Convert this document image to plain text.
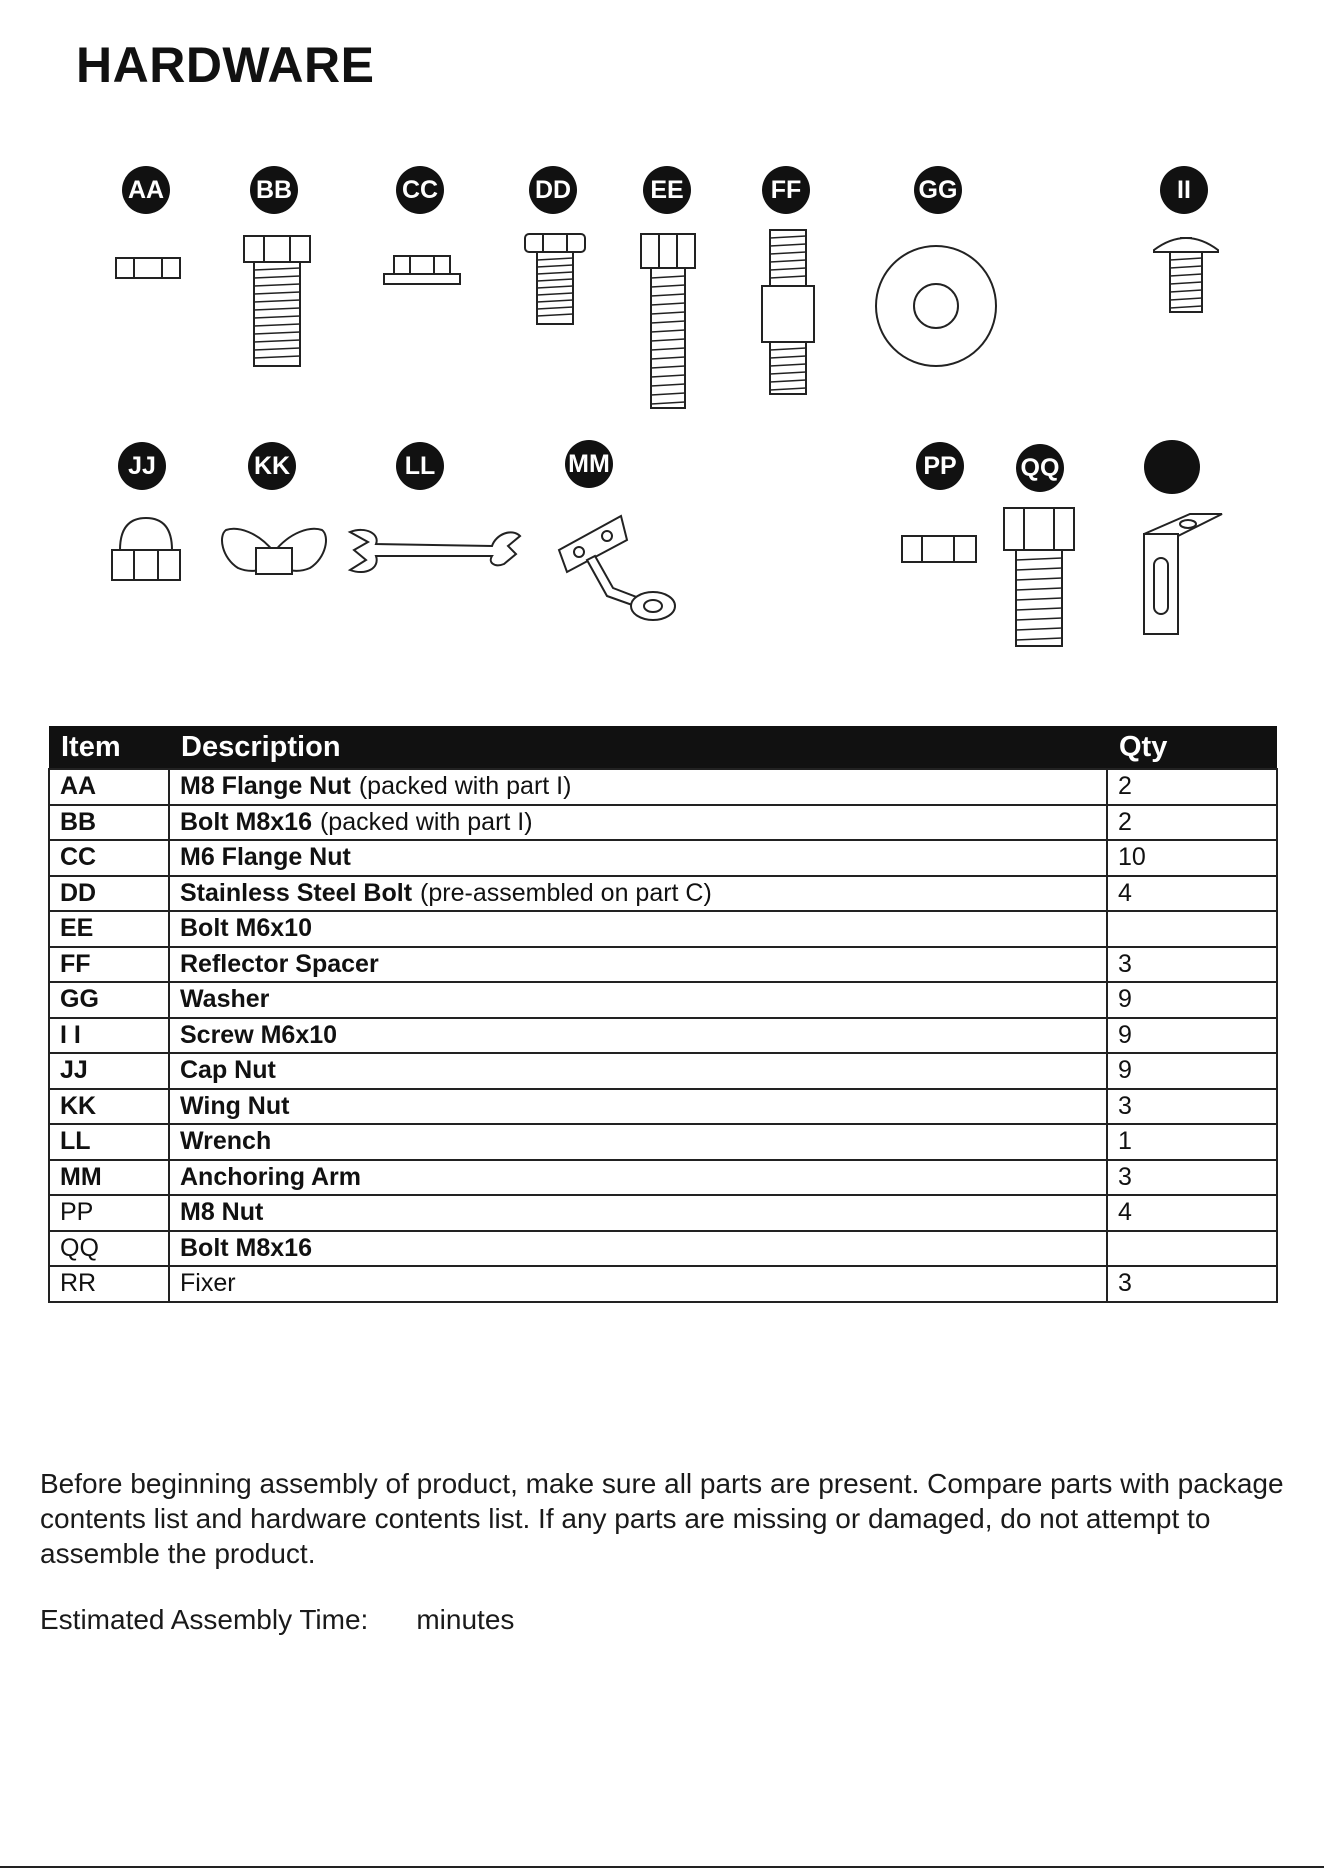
HARDWARE
AA	BB	CC	DD	EE	FF	GG	II
JJ	KK	LL	MM	PP	QQ
Item	Description	Qty
AA	M8 Flange Nut (packed with part I)	2
BB	Bolt M8x16 (packed with part I)	2
CC	M6 Flange Nut	10
DD	Stainless Steel Bolt (pre-assembled on part C)	4
EE	Bolt M6x10	
FF	Reflector Spacer	3
GG	Washer	9
I I	Screw M6x10	9
JJ	Cap Nut	9
KK	Wing Nut	3
LL	Wrench	1
MM	Anchoring Arm	3
PP	M8 Nut	4
QQ	Bolt M8x16	
RR	Fixer	3

Before beginning assembly of product, make sure all parts are present. Compare parts with package contents list and hardware contents list. If any parts are missing or damaged, do not attempt to assemble the product.

Estimated Assembly Time: minutes
